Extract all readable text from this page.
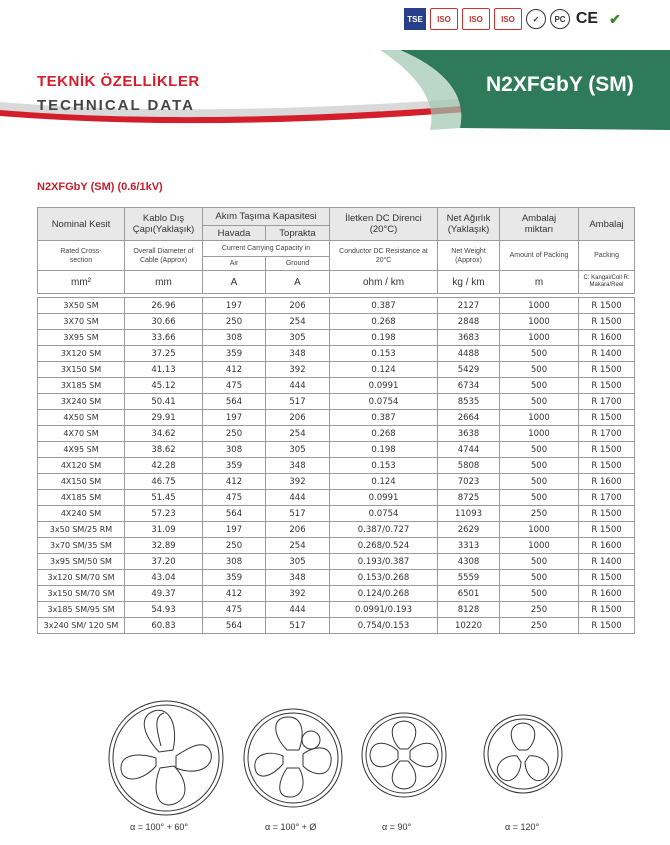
TSE	ISO	ISO	ISO	✓	PC CE ✔
TEKNİK ÖZELLİKLER
TECHNICAL DATA
N2XFGbY (SM)
N2XFGbY (SM) (0.6/1kV)
Nominal Kesit	Kablo Dış Çapı(Yaklaşık)	Akım Taşıma Kapasitesi		İletken DC Direnci (20°C)	Net Ağırlık (Yaklaşık)	Ambalaj miktarı	Ambalaj
		Havada	Toprakta				
Rated Cross-section	Overall Diameter of Cable (Approx)	Current Carrying Capacity in		Conductor DC Resistance at 20°C	Net Weight (Approx)	Amount of Packing	Packing
		Air	Ground				
mm²	mm	A	A	ohm / km	kg / km	m	C: Kangal/Coil R: Makara/Reel

3X50 SM	26.96	197	206	0.387	2127	1000	R 1500
3X70 SM	30.66	250	254	0.268	2848	1000	R 1500
3X95 SM	33.66	308	305	0.198	3683	1000	R 1600
3X120 SM	37.25	359	348	0.153	4488	500	R 1400
3X150 SM	41.13	412	392	0.124	5429	500	R 1500
3X185 SM	45.12	475	444	0.0991	6734	500	R 1500
3X240 SM	50.41	564	517	0.0754	8535	500	R 1700
4X50 SM	29.91	197	206	0.387	2664	1000	R 1500
4X70 SM	34.62	250	254	0.268	3638	1000	R 1700
4X95 SM	38.62	308	305	0.198	4744	500	R 1500
4X120 SM	42.28	359	348	0.153	5808	500	R 1500
4X150 SM	46.75	412	392	0.124	7023	500	R 1600
4X185 SM	51.45	475	444	0.0991	8725	500	R 1700
4X240 SM	57.23	564	517	0.0754	11093	250	R 1500
3x50 SM/25 RM	31.09	197	206	0.387/0.727	2629	1000	R 1500
3x70 SM/35 SM	32.89	250	254	0.268/0.524	3313	1000	R 1600
3x95 SM/50 SM	37.20	308	305	0.193/0.387	4308	500	R 1400
3x120 SM/70 SM	43.04	359	348	0.153/0.268	5559	500	R 1500
3x150 SM/70 SM	49.37	412	392	0.124/0.268	6501	500	R 1600
3x185 SM/95 SM	54.93	475	444	0.0991/0.193	8128	250	R 1500
3x240 SM/ 120 SM	60.83	564	517	0.754/0.153	10220	250	R 1500
α = 100° + 60°	α = 100° + Ø	α = 90°	α = 120°
